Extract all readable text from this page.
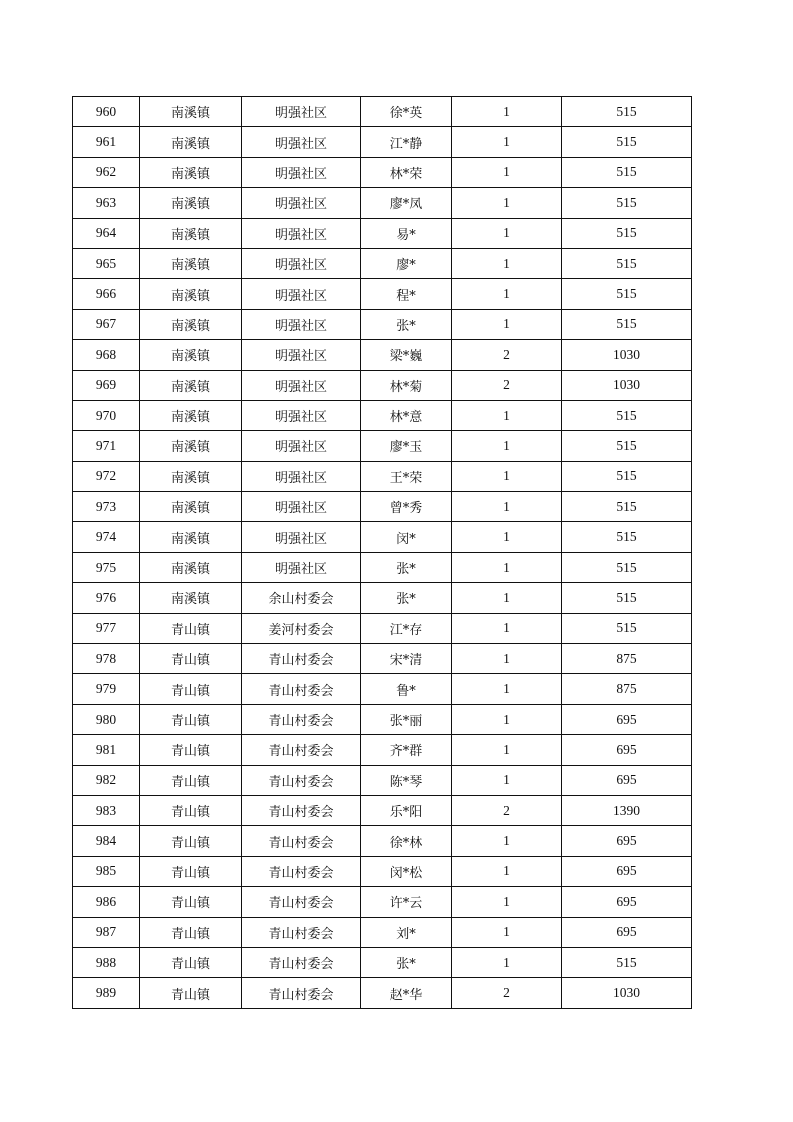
960	南溪镇	明强社区	徐*英	1	515
961	南溪镇	明强社区	江*静	1	515
962	南溪镇	明强社区	林*荣	1	515
963	南溪镇	明强社区	廖*凤	1	515
964	南溪镇	明强社区	易*	1	515
965	南溪镇	明强社区	廖*	1	515
966	南溪镇	明强社区	程*	1	515
967	南溪镇	明强社区	张*	1	515
968	南溪镇	明强社区	梁*巍	2	1030
969	南溪镇	明强社区	林*菊	2	1030
970	南溪镇	明强社区	林*意	1	515
971	南溪镇	明强社区	廖*玉	1	515
972	南溪镇	明强社区	王*荣	1	515
973	南溪镇	明强社区	曾*秀	1	515
974	南溪镇	明强社区	闵*	1	515
975	南溪镇	明强社区	张*	1	515
976	南溪镇	余山村委会	张*	1	515
977	青山镇	姜河村委会	江*存	1	515
978	青山镇	青山村委会	宋*清	1	875
979	青山镇	青山村委会	鲁*	1	875
980	青山镇	青山村委会	张*丽	1	695
981	青山镇	青山村委会	齐*群	1	695
982	青山镇	青山村委会	陈*琴	1	695
983	青山镇	青山村委会	乐*阳	2	1390
984	青山镇	青山村委会	徐*林	1	695
985	青山镇	青山村委会	闵*松	1	695
986	青山镇	青山村委会	许*云	1	695
987	青山镇	青山村委会	刘*	1	695
988	青山镇	青山村委会	张*	1	515
989	青山镇	青山村委会	赵*华	2	1030
